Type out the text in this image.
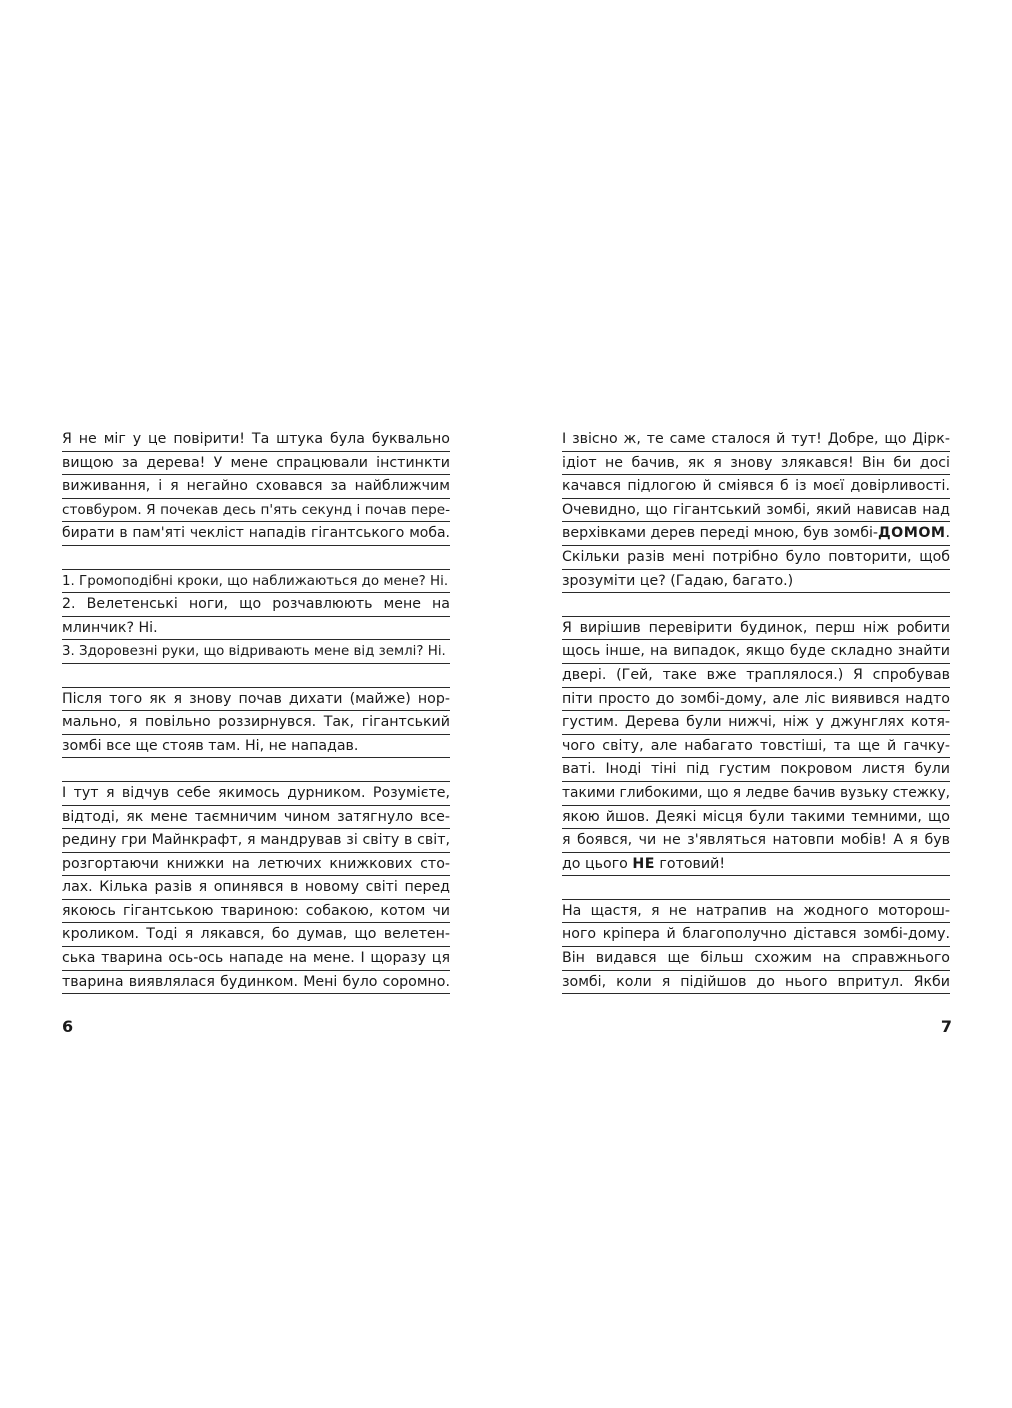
Я не міг у це повірити! Та штука була буквально
вищою за дерева! У мене спрацювали інстинкти
виживання, і я негайно сховався за найближчим
стовбуром. Я почекав десь п'ять секунд і почав пере-
бирати в пам'яті чекліст нападів гігантського моба.
1. Громоподібні кроки, що наближаються до мене? Ні.
2. Велетенські ноги, що розчавлюють мене на
млинчик? Ні.
3. Здоровезні руки, що відривають мене від землі? Ні.
Після того як я знову почав дихати (майже) нор-
мально, я повільно роззирнувся. Так, гігантський
зомбі все ще стояв там. Ні, не нападав.
І тут я відчув себе якимось дурником. Розумієте,
відтоді, як мене таємничим чином затягнуло все-
редину гри Майнкрафт, я мандрував зі світу в світ,
розгортаючи книжки на летючих книжкових сто-
лах. Кілька разів я опинявся в новому світі перед
якоюсь гігантською твариною: собакою, котом чи
кроликом. Тоді я лякався, бо думав, що велетен-
ська тварина ось-ось нападе на мене. І щоразу ця
тварина виявлялася будинком. Мені було соромно.
6
І звісно ж, те саме сталося й тут! Добре, що Дірк-
ідіот не бачив, як я знову злякався! Він би досі
качався підлогою й сміявся б із моєї довірливості.
Очевидно, що гігантський зомбі, який нависав над
верхівками дерев переді мною, був зомбі-ДОМОМ.
Скільки разів мені потрібно було повторити, щоб
зрозуміти це? (Гадаю, багато.)
Я вирішив перевірити будинок, перш ніж робити
щось інше, на випадок, якщо буде складно знайти
двері. (Гей, таке вже траплялося.) Я спробував
піти просто до зомбі-дому, але ліс виявився надто
густим. Дерева були нижчі, ніж у джунглях котя-
чого світу, але набагато товстіші, та ще й гачку-
ваті. Іноді тіні під густим покровом листя були
такими глибокими, що я ледве бачив вузьку стежку,
якою йшов. Деякі місця були такими темними, що
я боявся, чи не з'являться натовпи мобів! А я був
до цього НЕ готовий!
На щастя, я не натрапив на жодного моторош-
ного кріпера й благополучно дістався зомбі-дому.
Він видався ще більш схожим на справжнього
зомбі, коли я підійшов до нього впритул. Якби
7
